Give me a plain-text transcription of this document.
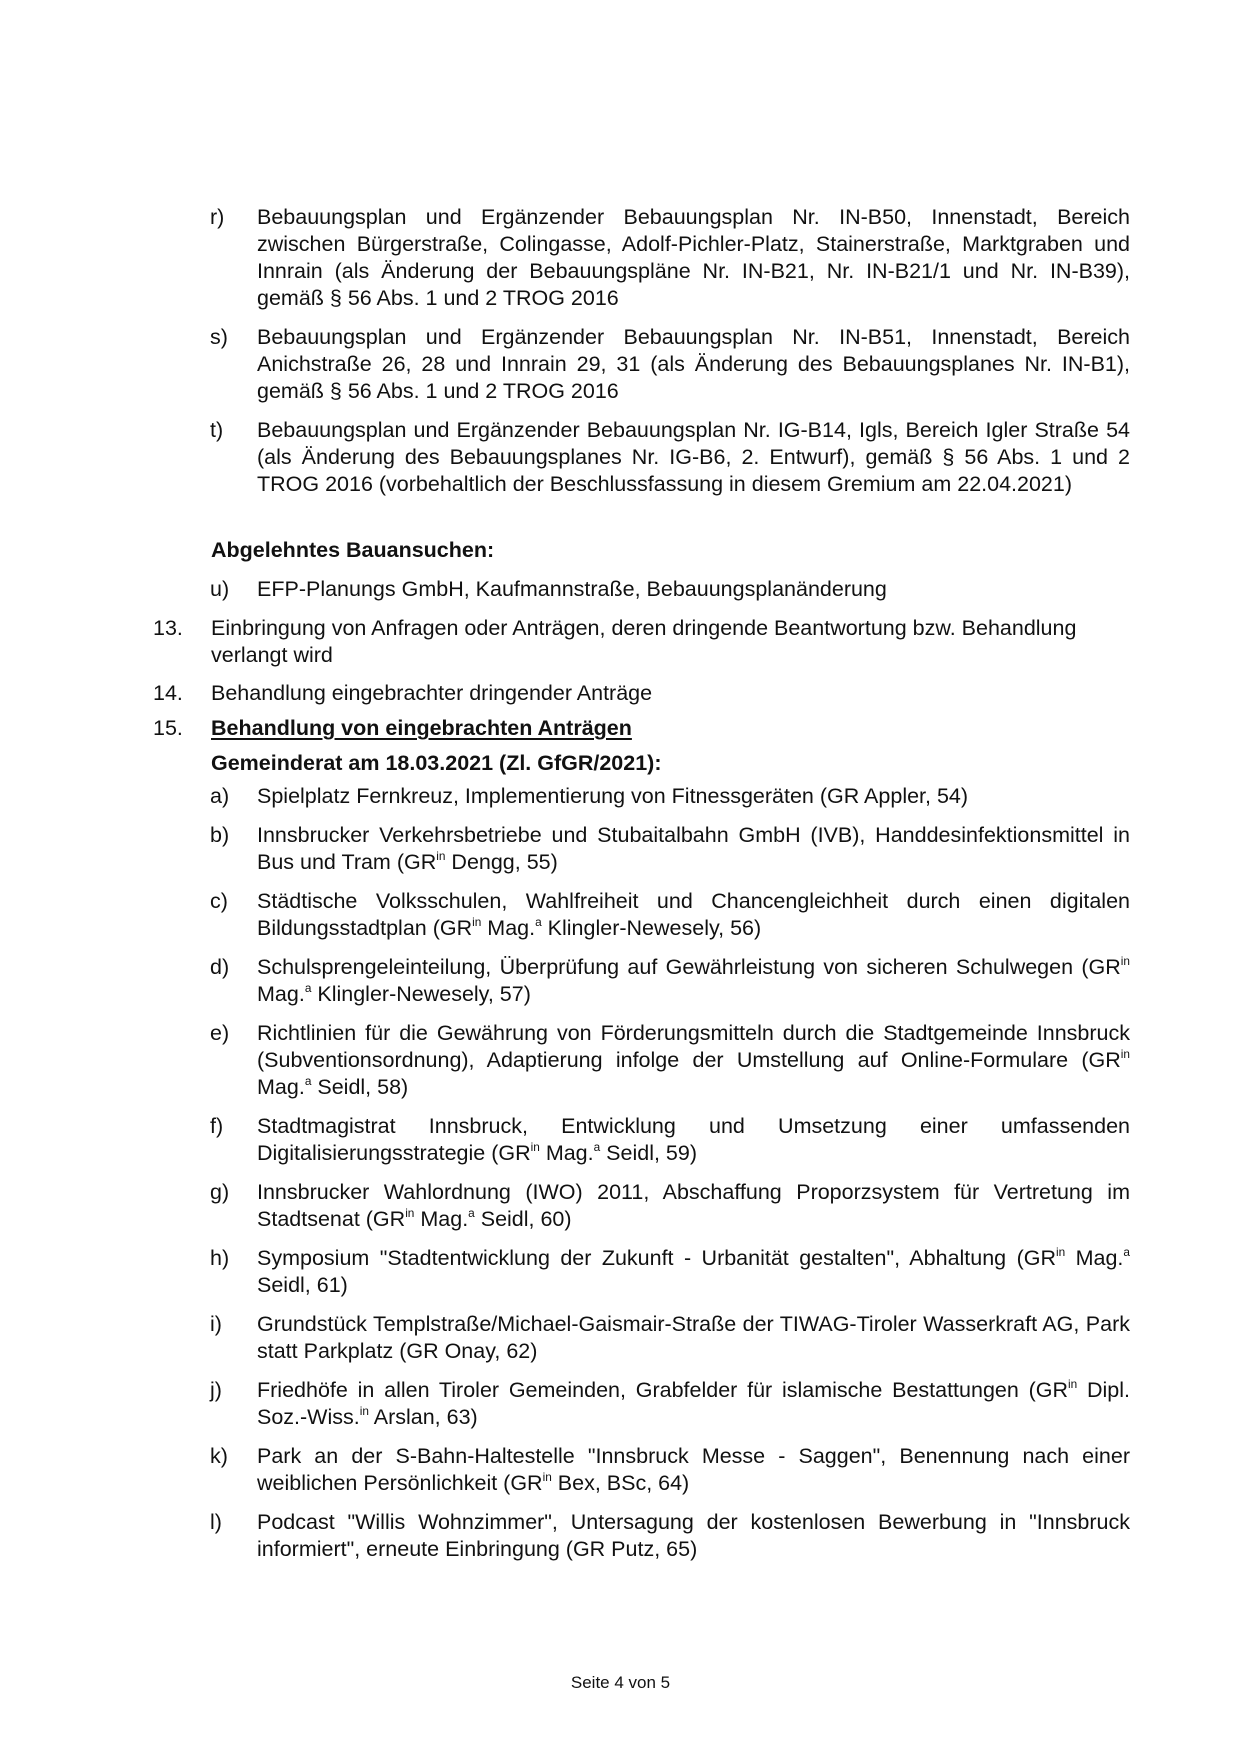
r)	Bebauungsplan und Ergänzender Bebauungsplan Nr. IN-B50, Innenstadt, Bereich zwischen Bürgerstraße, Colingasse, Adolf-Pichler-Platz, Stainerstraße, Marktgraben und Innrain (als Änderung der Bebauungspläne Nr. IN-B21, Nr. IN-B21/1 und Nr. IN-B39), gemäß § 56 Abs. 1 und 2 TROG 2016
s)	Bebauungsplan und Ergänzender Bebauungsplan Nr. IN-B51, Innenstadt, Bereich Anichstraße 26, 28 und Innrain 29, 31 (als Änderung des Bebauungsplanes Nr. IN-B1), gemäß § 56 Abs. 1 und 2 TROG 2016
t)	Bebauungsplan und Ergänzender Bebauungsplan Nr. IG-B14, Igls, Bereich Igler Straße 54 (als Änderung des Bebauungsplanes Nr. IG-B6, 2. Entwurf), gemäß § 56 Abs. 1 und 2 TROG 2016 (vorbehaltlich der Beschlussfassung in diesem Gremium am 22.04.2021)
Abgelehntes Bauansuchen:
u)	EFP-Planungs GmbH, Kaufmannstraße, Bebauungsplanänderung
13. Einbringung von Anfragen oder Anträgen, deren dringende Beantwortung bzw. Behandlung verlangt wird
14. Behandlung eingebrachter dringender Anträge
15. Behandlung von eingebrachten Anträgen
Gemeinderat am 18.03.2021 (Zl. GfGR/2021):
a)	Spielplatz Fernkreuz, Implementierung von Fitnessgeräten (GR Appler, 54)
b)	Innsbrucker Verkehrsbetriebe und Stubaitalbahn GmbH (IVB), Handdesinfektionsmittel in Bus und Tram ($GR^{in}$ Dengg, 55)
c)	Städtische Volksschulen, Wahlfreiheit und Chancengleichheit durch einen digitalen Bildungsstadtplan ($GR^{in}$ Mag.$^a$ Klingler-Newesely, 56)
d)	Schulsprengeleinteilung, Überprüfung auf Gewährleistung von sicheren Schulwegen ($GR^{in}$ Mag.$^a$ Klingler-Newesely, 57)
e)	Richtlinien für die Gewährung von Förderungsmitteln durch die Stadtgemeinde Innsbruck (Subventionsordnung), Adaptierung infolge der Umstellung auf Online-Formulare ($GR^{in}$ Mag.$^a$ Seidl, 58)
f)	Stadtmagistrat Innsbruck, Entwicklung und Umsetzung einer umfassenden Digitalisierungsstrategie ($GR^{in}$ Mag.$^a$ Seidl, 59)
g)	Innsbrucker Wahlordnung (IWO) 2011, Abschaffung Proporzsystem für Vertretung im Stadtsenat ($GR^{in}$ Mag.$^a$ Seidl, 60)
h)	Symposium "Stadtentwicklung der Zukunft - Urbanität gestalten", Abhaltung ($GR^{in}$ Mag.$^a$ Seidl, 61)
i)	Grundstück Templstraße/Michael-Gaismair-Straße der TIWAG-Tiroler Wasserkraft AG, Park statt Parkplatz (GR Onay, 62)
j)	Friedhöfe in allen Tiroler Gemeinden, Grabfelder für islamische Bestattungen ($GR^{in}$ Dipl. Soz.-Wiss.$^{in}$ Arslan, 63)
k)	Park an der S-Bahn-Haltestelle "Innsbruck Messe - Saggen", Benennung nach einer weiblichen Persönlichkeit ($GR^{in}$ Bex, BSc, 64)
l)	Podcast "Willis Wohnzimmer", Untersagung der kostenlosen Bewerbung in "Innsbruck informiert", erneute Einbringung (GR Putz, 65)
Seite 4 von 5
